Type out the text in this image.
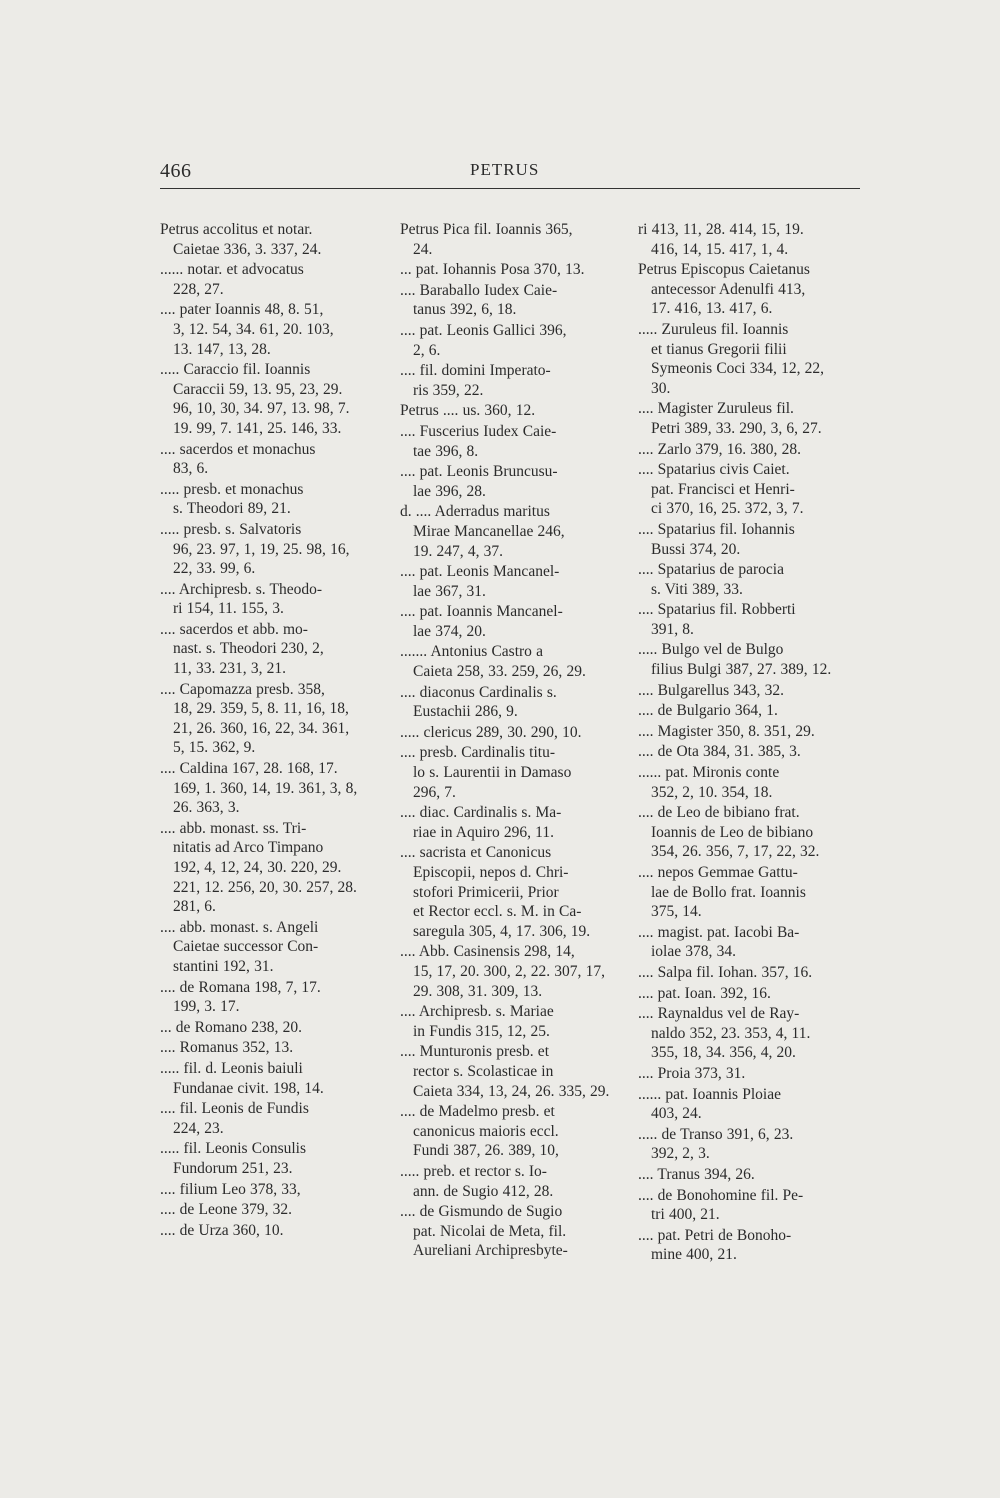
466	PETRUS

Petrus accolitus et notar.
Caietae 336, 3. 337, 24.

...... notar. et advocatus
228, 27.

.... pater Ioannis 48, 8. 51,
3, 12. 54, 34. 61, 20. 103,
13. 147, 13, 28.

..... Caraccio fil. Ioannis
Caraccii 59, 13. 95, 23, 29.
96, 10, 30, 34. 97, 13. 98, 7.
19. 99, 7. 141, 25. 146, 33.

.... sacerdos et monachus
83, 6.

..... presb. et monachus
s. Theodori 89, 21.

..... presb. s. Salvatoris
96, 23. 97, 1, 19, 25. 98, 16,
22, 33. 99, 6.

.... Archipresb. s. Theodo-
ri 154, 11. 155, 3.

.... sacerdos et abb. mo-
nast. s. Theodori 230, 2,
11, 33. 231, 3, 21.

.... Capomazza presb. 358,
18, 29. 359, 5, 8. 11, 16, 18,
21, 26. 360, 16, 22, 34. 361,
5, 15. 362, 9.

.... Caldina 167, 28. 168, 17.
169, 1. 360, 14, 19. 361, 3, 8,
26. 363, 3.

.... abb. monast. ss. Tri-
nitatis ad Arco Timpano
192, 4, 12, 24, 30. 220, 29.
221, 12. 256, 20, 30. 257, 28.
281, 6.

.... abb. monast. s. Angeli
Caietae successor Con-
stantini 192, 31.

.... de Romana 198, 7, 17.
199, 3. 17.

... de Romano 238, 20.

.... Romanus 352, 13.

..... fil. d. Leonis baiuli
Fundanae civit. 198, 14.

.... fil. Leonis de Fundis
224, 23.

..... fil. Leonis Consulis
Fundorum 251, 23.

.... filium Leo 378, 33,

.... de Leone 379, 32.

.... de Urza 360, 10.

Petrus Pica fil. Ioannis 365,
24.

... pat. Iohannis Posa 370, 13.

.... Baraballo Iudex Caie-
tanus 392, 6, 18.

.... pat. Leonis Gallici 396,
2, 6.

.... fil. domini Imperato-
ris 359, 22.

Petrus .... us. 360, 12.

.... Fuscerius Iudex Caie-
tae 396, 8.

.... pat. Leonis Bruncusu-
lae 396, 28.

d. .... Aderradus maritus
Mirae Mancanellae 246,
19. 247, 4, 37.

.... pat. Leonis Mancanel-
lae 367, 31.

.... pat. Ioannis Mancanel-
lae 374, 20.

....... Antonius Castro a
Caieta 258, 33. 259, 26, 29.

.... diaconus Cardinalis s.
Eustachii 286, 9.

..... clericus 289, 30. 290, 10.

.... presb. Cardinalis titu-
lo s. Laurentii in Damaso
296, 7.

.... diac. Cardinalis s. Ma-
riae in Aquiro 296, 11.

.... sacrista et Canonicus
Episcopii, nepos d. Chri-
stofori Primicerii, Prior
et Rector eccl. s. M. in Ca-
saregula 305, 4, 17. 306, 19.

.... Abb. Casinensis 298, 14,
15, 17, 20. 300, 2, 22. 307, 17,
29. 308, 31. 309, 13.

.... Archipresb. s. Mariae
in Fundis 315, 12, 25.

.... Munturonis presb. et
rector s. Scolasticae in
Caieta 334, 13, 24, 26. 335, 29.

.... de Madelmo presb. et
canonicus maioris eccl.
Fundi 387, 26. 389, 10,

..... preb. et rector s. Io-
ann. de Sugio 412, 28.

.... de Gismundo de Sugio
pat. Nicolai de Meta, fil.
Aureliani Archipresbyte-

ri 413, 11, 28. 414, 15, 19.
416, 14, 15. 417, 1, 4.

Petrus Episcopus Caietanus
antecessor Adenulfi 413,
17. 416, 13. 417, 6.

..... Zuruleus fil. Ioannis
et tianus Gregorii filii
Symeonis Coci 334, 12, 22,
30.

.... Magister Zuruleus fil.
Petri 389, 33. 290, 3, 6, 27.

.... Zarlo 379, 16. 380, 28.

.... Spatarius civis Caiet.
pat. Francisci et Henri-
ci 370, 16, 25. 372, 3, 7.

.... Spatarius fil. Iohannis
Bussi 374, 20.

.... Spatarius de parocia
s. Viti 389, 33.

.... Spatarius fil. Robberti
391, 8.

..... Bulgo vel de Bulgo
filius Bulgi 387, 27. 389, 12.

.... Bulgarellus 343, 32.

.... de Bulgario 364, 1.

.... Magister 350, 8. 351, 29.

.... de Ota 384, 31. 385, 3.

...... pat. Mironis conte
352, 2, 10. 354, 18.

.... de Leo de bibiano frat.
Ioannis de Leo de bibiano
354, 26. 356, 7, 17, 22, 32.

.... nepos Gemmae Gattu-
lae de Bollo frat. Ioannis
375, 14.

.... magist. pat. Iacobi Ba-
iolae 378, 34.

.... Salpa fil. Iohan. 357, 16.

.... pat. Ioan. 392, 16.

.... Raynaldus vel de Ray-
naldo 352, 23. 353, 4, 11.
355, 18, 34. 356, 4, 20.

.... Proia 373, 31.

...... pat. Ioannis Ploiae
403, 24.

..... de Transo 391, 6, 23.
392, 2, 3.

.... Tranus 394, 26.

.... de Bonohomine fil. Pe-
tri 400, 21.

.... pat. Petri de Bonoho-
mine 400, 21.
